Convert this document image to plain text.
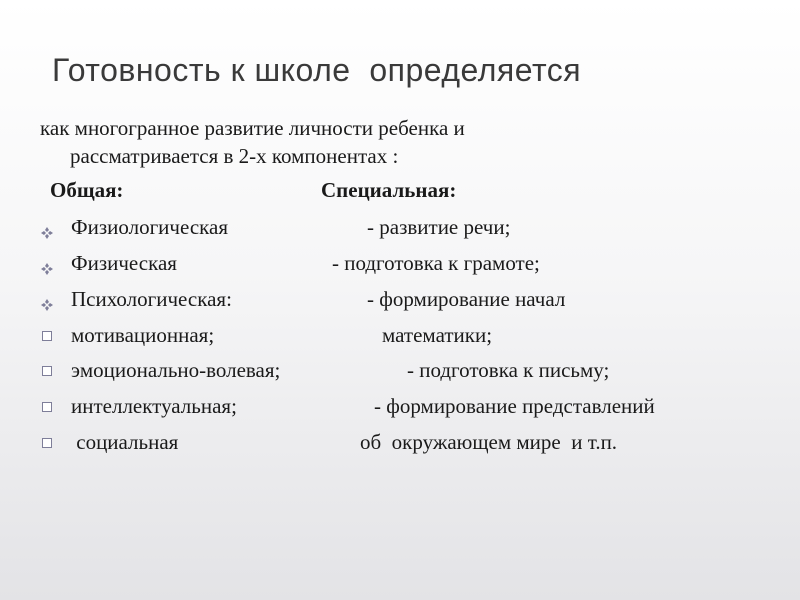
Готовность к школе  определяется
как многогранное развитие личности ребенка и
рассматривается в 2-х компонентах :
Общая:	Специальная:
Физиологическая	- развитие речи;
Физическая	- подготовка к грамоте;
Психологическая:	- формирование начал
мотивационная;	математики;
эмоционально-волевая;	- подготовка к письму;
интеллектуальная;	- формирование представлений
социальная	об  окружающем мире  и т.п.
